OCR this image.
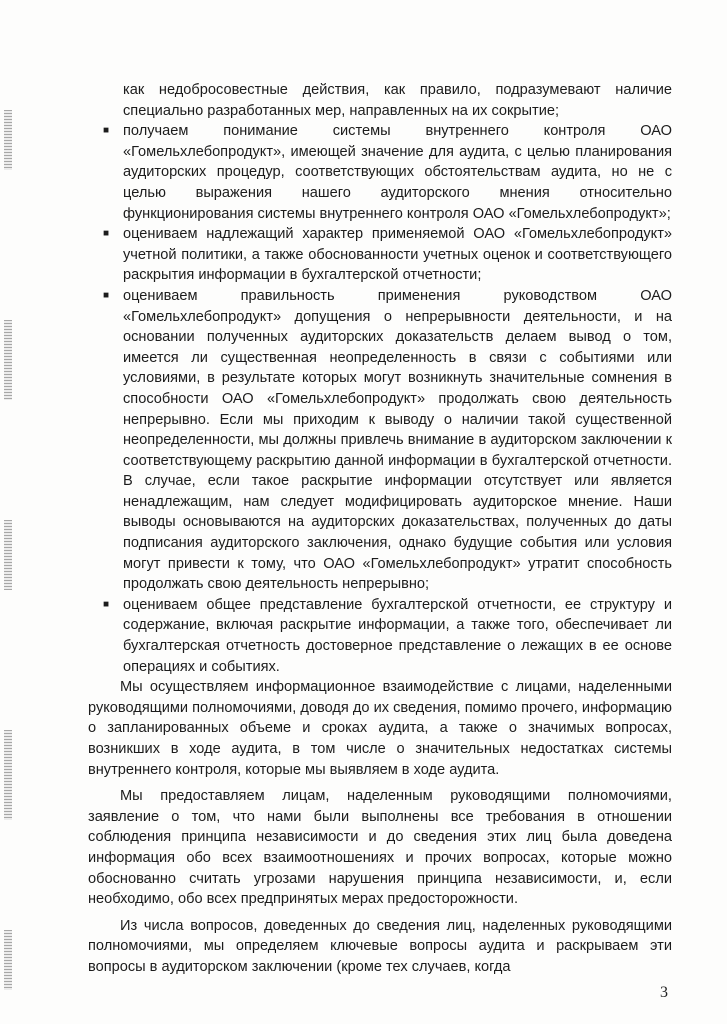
как недобросовестные действия, как правило, подразумевают наличие специально разработанных мер, направленных на их сокрытие;

■ получаем понимание системы внутреннего контроля ОАО «Гомельхлебопродукт», имеющей значение для аудита, с целью планирования аудиторских процедур, соответствующих обстоятельствам аудита, но не с целью выражения нашего аудиторского мнения относительно функционирования системы внутреннего контроля ОАО «Гомельхлебопродукт»;
■ оцениваем надлежащий характер применяемой ОАО «Гомельхлебопродукт» учетной политики, а также обоснованности учетных оценок и соответствующего раскрытия информации в бухгалтерской отчетности;
■ оцениваем правильность применения руководством ОАО «Гомельхлебопродукт» допущения о непрерывности деятельности, и на основании полученных аудиторских доказательств делаем вывод о том, имеется ли существенная неопределенность в связи с событиями или условиями, в результате которых могут возникнуть значительные сомнения в способности ОАО «Гомельхлебопродукт» продолжать свою деятельность непрерывно. Если мы приходим к выводу о наличии такой существенной неопределенности, мы должны привлечь внимание в аудиторском заключении к соответствующему раскрытию данной информации в бухгалтерской отчетности. В случае, если такое раскрытие информации отсутствует или является ненадлежащим, нам следует модифицировать аудиторское мнение. Наши выводы основываются на аудиторских доказательствах, полученных до даты подписания аудиторского заключения, однако будущие события или условия могут привести к тому, что ОАО «Гомельхлебопродукт» утратит способность продолжать свою деятельность непрерывно;
■ оцениваем общее представление бухгалтерской отчетности, ее структуру и содержание, включая раскрытие информации, а также того, обеспечивает ли бухгалтерская отчетность достоверное представление о лежащих в ее основе операциях и событиях.

Мы осуществляем информационное взаимодействие с лицами, наделенными руководящими полномочиями, доводя до их сведения, помимо прочего, информацию о запланированных объеме и сроках аудита, а также о значимых вопросах, возникших в ходе аудита, в том числе о значительных недостатках системы внутреннего контроля, которые мы выявляем в ходе аудита.

Мы предоставляем лицам, наделенным руководящими полномочиями, заявление о том, что нами были выполнены все требования в отношении соблюдения принципа независимости и до сведения этих лиц была доведена информация обо всех взаимоотношениях и прочих вопросах, которые можно обоснованно считать угрозами нарушения принципа независимости, и, если необходимо, обо всех предпринятых мерах предосторожности.

Из числа вопросов, доведенных до сведения лиц, наделенных руководящими полномочиями, мы определяем ключевые вопросы аудита и раскрываем эти вопросы в аудиторском заключении (кроме тех случаев, когда

3
